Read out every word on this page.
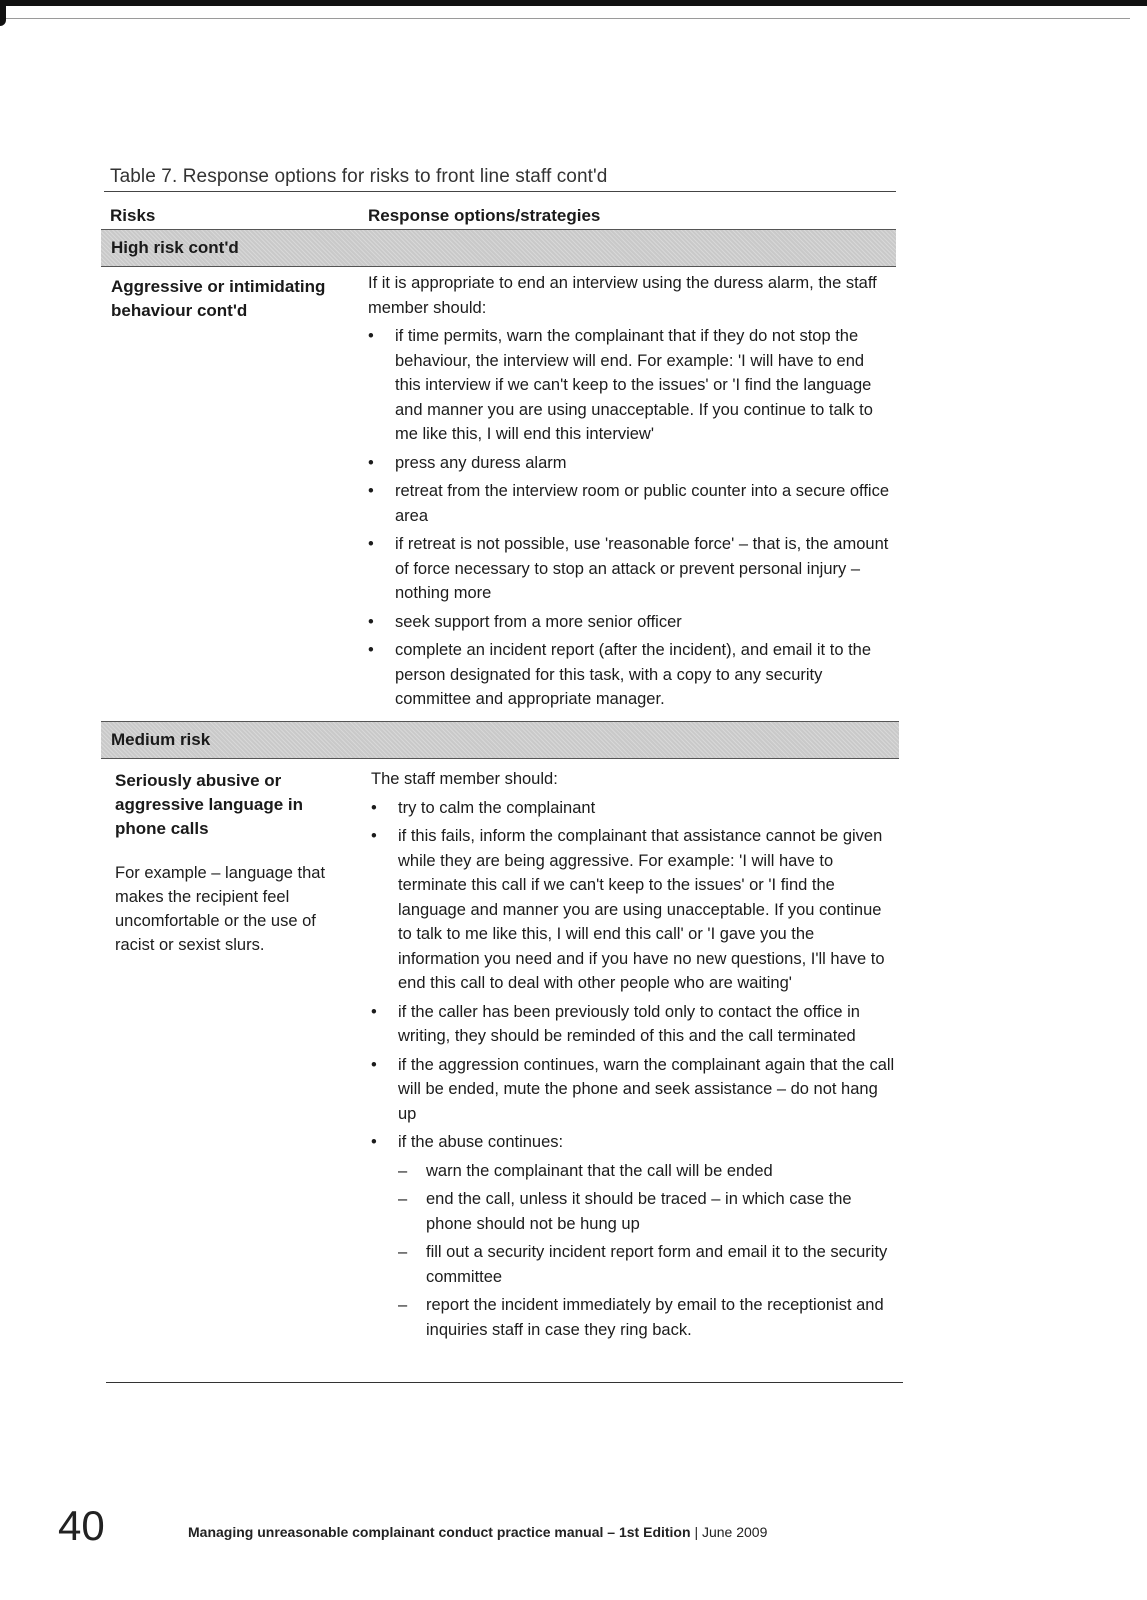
Table 7. Response options for risks to front line staff cont'd
Risks	Response options/strategies
High risk cont'd
Aggressive or intimidating behaviour cont'd

If it is appropriate to end an interview using the duress alarm, the staff member should:

• if time permits, warn the complainant that if they do not stop the behaviour, the interview will end. For example: 'I will have to end this interview if we can't keep to the issues' or 'I find the language and manner you are using unacceptable. If you continue to talk to me like this, I will end this interview'
• press any duress alarm
• retreat from the interview room or public counter into a secure office area
• if retreat is not possible, use 'reasonable force' – that is, the amount of force necessary to stop an attack or prevent personal injury – nothing more
• seek support from a more senior officer
• complete an incident report (after the incident), and email it to the person designated for this task, with a copy to any security committee and appropriate manager.
Medium risk
Seriously abusive or aggressive language in phone calls
For example – language that makes the recipient feel uncomfortable or the use of racist or sexist slurs.

The staff member should:

• try to calm the complainant
• if this fails, inform the complainant that assistance cannot be given while they are being aggressive. For example: 'I will have to terminate this call if we can't keep to the issues' or 'I find the language and manner you are using unacceptable. If you continue to talk to me like this, I will end this call' or 'I gave you the information you need and if you have no new questions, I'll have to end this call to deal with other people who are waiting'
• if the caller has been previously told only to contact the office in writing, they should be reminded of this and the call terminated
• if the aggression continues, warn the complainant again that the call will be ended, mute the phone and seek assistance – do not hang up
• if the abuse continues:
– warn the complainant that the call will be ended
– end the call, unless it should be traced – in which case the phone should not be hung up
– fill out a security incident report form and email it to the security committee
– report the incident immediately by email to the receptionist and inquiries staff in case they ring back.
40	Managing unreasonable complainant conduct practice manual – 1st Edition | June 2009
